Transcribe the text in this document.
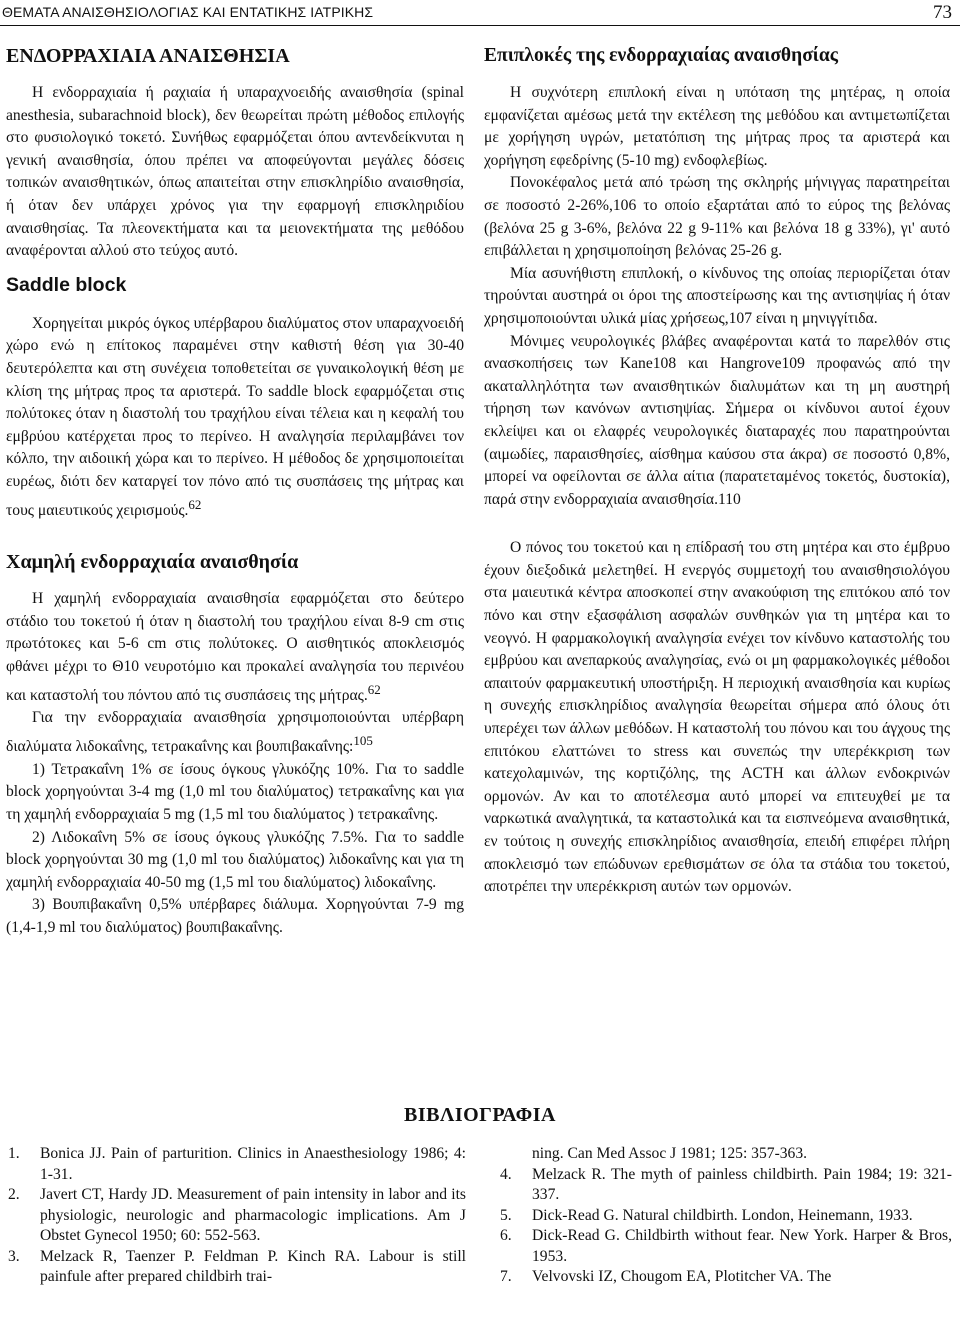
ΘΕΜΑΤΑ ΑΝΑΙΣΘΗΣΙΟΛΟΓΙΑΣ ΚΑΙ ΕΝΤΑΤΙΚΗΣ ΙΑΤΡΙΚΗΣ	73
ΕΝΔΟΡΡΑΧΙΑΙΑ ΑΝΑΙΣΘΗΣΙΑ

Η ενδορραχιαία ή ραχιαία ή υπαραχνοειδής αναισθησία (spinal anesthesia, subarachnoid block), δεν θεωρείται πρώτη μέθοδος επιλογής στο φυσιολογικό τοκετό. Συνήθως εφαρμόζεται όπου αντενδείκνυται η γενική αναισθησία, όπου πρέπει να αποφεύγονται μεγάλες δόσεις τοπικών αναισθητικών, όπως απαιτείται στην επισκληρίδιο αναισθησία, ή όταν δεν υπάρχει χρόνος για την εφαρμογή επισκληριδίου αναισθησίας. Τα πλεονεκτήματα και τα μειονεκτήματα της μεθόδου αναφέρονται αλλού στο τεύχος αυτό.

Saddle block

Χορηγείται μικρός όγκος υπέρβαρου διαλύματος στον υπαραχνοειδή χώρο ενώ η επίτοκος παραμένει στην καθιστή θέση για 30-40 δευτερόλεπτα και στη συνέχεια τοποθετείται σε γυναικολογική θέση με κλίση της μήτρας προς τα αριστερά. Το saddle block εφαρμόζεται στις πολύτοκες όταν η διαστολή του τραχήλου είναι τέλεια και η κεφαλή του εμβρύου κατέρχεται προς το περίνεο. Η αναλγησία περιλαμβάνει τον κόλπο, την αιδοιική χώρα και το περίνεο. Η μέθοδος δε χρησιμοποιείται ευρέως, διότι δεν καταργεί τον πόνο από τις συσπάσεις της μήτρας και τους μαιευτικούς χειρισμούς.$^{62}$

Χαμηλή ενδορραχιαία αναισθησία

Η χαμηλή ενδορραχιαία αναισθησία εφαρμόζεται στο δεύτερο στάδιο του τοκετού ή όταν η διαστολή του τραχήλου είναι 8-9 cm στις πρωτότοκες και 5-6 cm στις πολύτοκες. Ο αισθητικός αποκλεισμός φθάνει μέχρι το Θ10 νευροτόμιο και προκαλεί αναλγησία του περινέου και καταστολή του πόντου από τις συσπάσεις της μήτρας.$^{62}$

Για την ενδορραχιαία αναισθησία χρησιμοποιούνται υπέρβαρη διαλύματα λιδοκαΐνης, τετρακαΐνης και βουπιβακαΐνης:$^{105}$

1) Τετρακαΐνη 1% σε ίσους όγκους γλυκόζης 10%. Για το saddle block χορηγούνται 3-4 mg (1,0 ml του διαλύματος) τετρακαΐνης και για τη χαμηλή ενδορραχιαία 5 mg (1,5 ml του διαλύματος ) τετρακαΐνης.

2) Λιδοκαΐνη 5% σε ίσους όγκους γλυκόζης 7.5%. Για το saddle block χορηγούνται 30 mg (1,0 ml του διαλύματος) λιδοκαΐνης και για τη χαμηλή ενδορραχιαία 40-50 mg (1,5 ml του διαλύματος) λιδοκαΐνης.

3) Βουπιβακαΐνη 0,5% υπέρβαρες διάλυμα. Χορηγούνται 7-9 mg (1,4-1,9 ml του διαλύματος) βουπιβακαΐνης.

Επιπλοκές της ενδορραχιαίας αναισθησίας

Η συχνότερη επιπλοκή είναι η υπόταση της μητέρας, η οποία εμφανίζεται αμέσως μετά την εκτέλεση της μεθόδου και αντιμετωπίζεται με χορήγηση υγρών, μετατόπιση της μήτρας προς τα αριστερά και χορήγηση εφεδρίνης (5-10 mg) ενδοφλεβίως.

Πονοκέφαλος μετά από τρώση της σκληρής μήνιγγας παρατηρείται σε ποσοστό 2-26%,106 το οποίο εξαρτάται από το εύρος της βελόνας (βελόνα 25 g 3-6%, βελόνα 22 g 9-11% και βελόνα 18 g 33%), γι' αυτό επιβάλλεται η χρησιμοποίηση βελόνας 25-26 g.

Μία ασυνήθιστη επιπλοκή, ο κίνδυνος της οποίας περιορίζεται όταν τηρούνται αυστηρά οι όροι της αποστείρωσης και της αντισηψίας ή όταν χρησιμοποιούνται υλικά μίας χρήσεως,107 είναι η μηνιγγίτιδα.

Μόνιμες νευρολογικές βλάβες αναφέρονται κατά το παρελθόν στις ανασκοπήσεις των Kane108 και Hangrove109 προφανώς από την ακαταλληλότητα των αναισθητικών διαλυμάτων και τη μη αυστηρή τήρηση των κανόνων αντισηψίας. Σήμερα οι κίνδυνοι αυτοί έχουν εκλείψει και οι ελαφρές νευρολογικές διαταραχές που παρατηρούνται (αιμωδίες, παραισθησίες, αίσθημα καύσου στα άκρα) σε ποσοστό 0,8%, μπορεί να οφείλονται σε άλλα αίτια (παρατεταμένος τοκετός, δυστοκία), παρά στην ενδορραχιαία αναισθησία.110

Ο πόνος του τοκετού και η επίδρασή του στη μητέρα και στο έμβρυο έχουν διεξοδικά μελετηθεί. Η ενεργός συμμετοχή του αναισθησιολόγου στα μαιευτικά κέντρα αποσκοπεί στην ανακούφιση της επιτόκου από τον πόνο και στην εξασφάλιση ασφαλών συνθηκών για τη μητέρα και το νεογνό. Η φαρμακολογική αναλγησία ενέχει τον κίνδυνο καταστολής του εμβρύου και ανεπαρκούς αναλγησίας, ενώ οι μη φαρμακολογικές μέθοδοι απαιτούν φαρμακευτική υποστήριξη. Η περιοχική αναισθησία και κυρίως η συνεχής επισκληρίδιος αναλγησία θεωρείται σήμερα από όλους ότι υπερέχει των άλλων μεθόδων. Η καταστολή του πόνου και του άγχους της επιτόκου ελαττώνει το stress και συνεπώς την υπερέκκριση των κατεχολαμινών, της κορτιζόλης, της ACTH και άλλων ενδοκρινών ορμονών. Αν και το αποτέλεσμα αυτό μπορεί να επιτευχθεί με τα ναρκωτικά αναλγητικά, τα καταστολικά και τα εισπνεόμενα αναισθητικά, εν τούτοις η συνεχής επισκληρίδιος αναισθησία, επειδή επιφέρει πλήρη αποκλεισμό των επώδυνων ερεθισμάτων σε όλα τα στάδια του τοκετού, αποτρέπει την υπερέκκριση αυτών των ορμονών.

ΒΙΒΛΙΟΓΡΑΦΙΑ
1.	Bonica JJ. Pain of parturition. Clinics in Anaesthesiology 1986; 4: 1-31.
2.	Javert CT, Hardy JD. Measurement of pain intensity in labor and its physiologic, neurologic and pharmacologic implications. Am J Obstet Gynecol 1950; 60: 552-563.
3.	Melzack R, Taenzer P. Feldman P. Kinch RA. Labour is still painfule after prepared childbirh trai-
ning. Can Med Assoc J 1981; 125: 357-363.
4.	Melzack R. The myth of painless childbirth. Pain 1984; 19: 321-337.
5.	Dick-Read G. Natural childbirth. London, Heinemann, 1933.
6.	Dick-Read G. Childbirth without fear. New York. Harper & Bros, 1953.
7.	Velvovski IZ, Chougom EA, Plotitcher VA. The
